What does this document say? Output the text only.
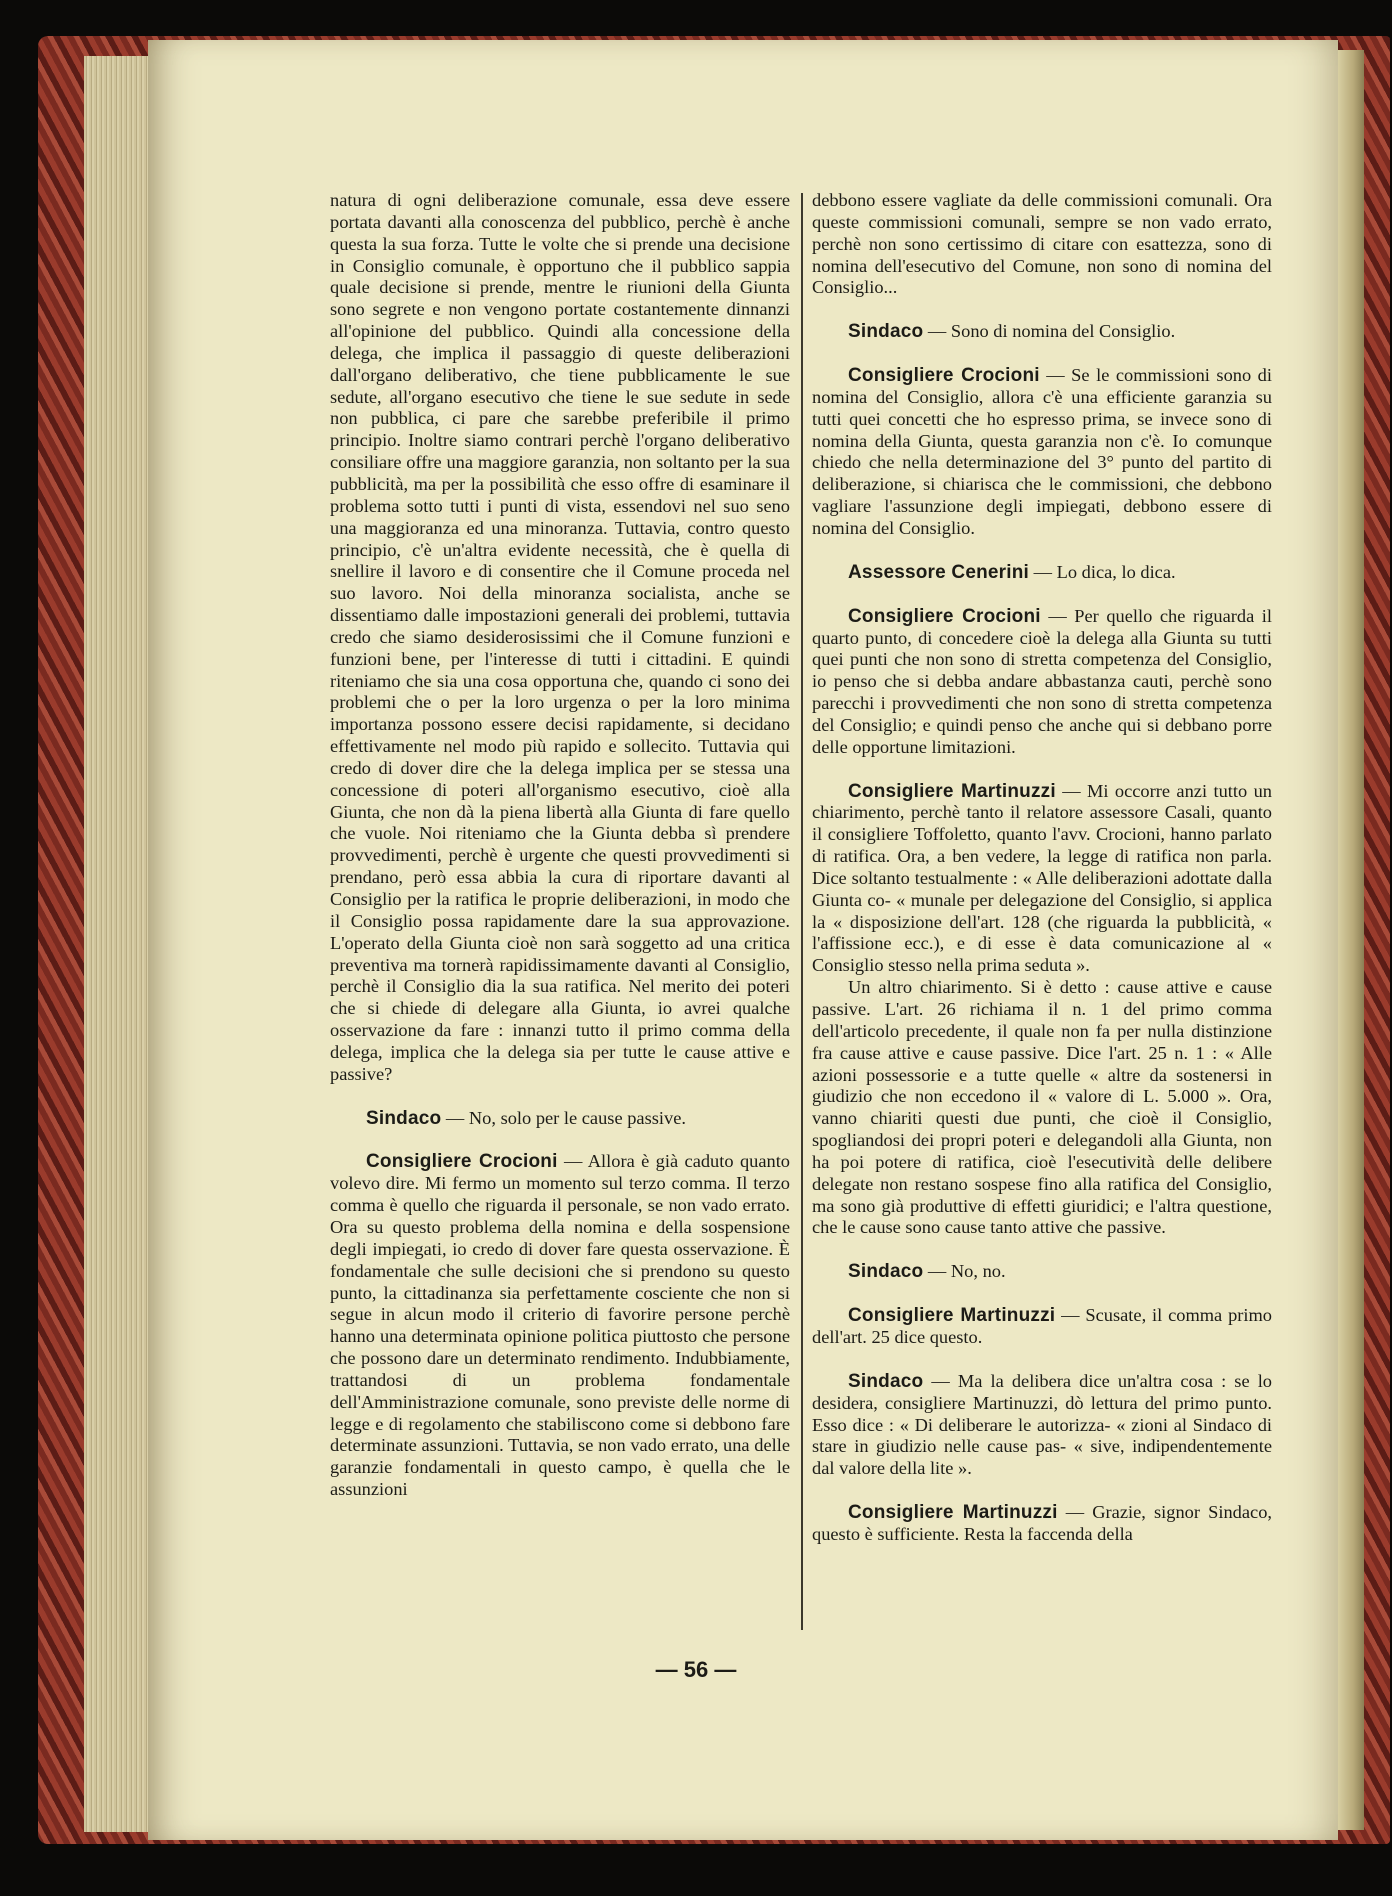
natura di ogni deliberazione comunale, essa deve essere portata davanti alla conoscenza del pubblico, perchè è anche questa la sua forza. Tutte le volte che si prende una decisione in Consiglio comunale, è opportuno che il pubblico sappia quale decisione si prende, mentre le riunioni della Giunta sono segrete e non vengono portate costantemente dinnanzi all'opinione del pubblico. Quindi alla concessione della delega, che implica il passaggio di queste deliberazioni dall'organo deliberativo, che tiene pubblicamente le sue sedute, all'organo esecutivo che tiene le sue sedute in sede non pubblica, ci pare che sarebbe preferibile il primo principio. Inoltre siamo contrari perchè l'organo deliberativo consiliare offre una maggiore garanzia, non soltanto per la sua pubblicità, ma per la possibilità che esso offre di esaminare il problema sotto tutti i punti di vista, essendovi nel suo seno una maggioranza ed una minoranza. Tuttavia, contro questo principio, c'è un'altra evidente necessità, che è quella di snellire il lavoro e di consentire che il Comune proceda nel suo lavoro. Noi della minoranza socialista, anche se dissentiamo dalle impostazioni generali dei problemi, tuttavia credo che siamo desiderosissimi che il Comune funzioni e funzioni bene, per l'interesse di tutti i cittadini. E quindi riteniamo che sia una cosa opportuna che, quando ci sono dei problemi che o per la loro urgenza o per la loro minima importanza possono essere decisi rapidamente, si decidano effettivamente nel modo più rapido e sollecito. Tuttavia qui credo di dover dire che la delega implica per se stessa una concessione di poteri all'organismo esecutivo, cioè alla Giunta, che non dà la piena libertà alla Giunta di fare quello che vuole. Noi riteniamo che la Giunta debba sì prendere provvedimenti, perchè è urgente che questi provvedimenti si prendano, però essa abbia la cura di riportare davanti al Consiglio per la ratifica le proprie deliberazioni, in modo che il Consiglio possa rapidamente dare la sua approvazione. L'operato della Giunta cioè non sarà soggetto ad una critica preventiva ma tornerà rapidissimamente davanti al Consiglio, perchè il Consiglio dia la sua ratifica. Nel merito dei poteri che si chiede di delegare alla Giunta, io avrei qualche osservazione da fare : innanzi tutto il primo comma della delega, implica che la delega sia per tutte le cause attive e passive?

Sindaco — No, solo per le cause passive.

Consigliere Crocioni — Allora è già caduto quanto volevo dire. Mi fermo un momento sul terzo comma. Il terzo comma è quello che riguarda il personale, se non vado errato. Ora su questo problema della nomina e della sospensione degli impiegati, io credo di dover fare questa osservazione. È fondamentale che sulle decisioni che si prendono su questo punto, la cittadinanza sia perfettamente cosciente che non si segue in alcun modo il criterio di favorire persone perchè hanno una determinata opinione politica piuttosto che persone che possono dare un determinato rendimento. Indubbiamente, trattandosi di un problema fondamentale dell'Amministrazione comunale, sono previste delle norme di legge e di regolamento che stabiliscono come si debbono fare determinate assunzioni. Tuttavia, se non vado errato, una delle garanzie fondamentali in questo campo, è quella che le assunzioni

debbono essere vagliate da delle commissioni comunali. Ora queste commissioni comunali, sempre se non vado errato, perchè non sono certissimo di citare con esattezza, sono di nomina dell'esecutivo del Comune, non sono di nomina del Consiglio...

Sindaco — Sono di nomina del Consiglio.

Consigliere Crocioni — Se le commissioni sono di nomina del Consiglio, allora c'è una efficiente garanzia su tutti quei concetti che ho espresso prima, se invece sono di nomina della Giunta, questa garanzia non c'è. Io comunque chiedo che nella determinazione del 3° punto del partito di deliberazione, si chiarisca che le commissioni, che debbono vagliare l'assunzione degli impiegati, debbono essere di nomina del Consiglio.

Assessore Cenerini — Lo dica, lo dica.

Consigliere Crocioni — Per quello che riguarda il quarto punto, di concedere cioè la delega alla Giunta su tutti quei punti che non sono di stretta competenza del Consiglio, io penso che si debba andare abbastanza cauti, perchè sono parecchi i provvedimenti che non sono di stretta competenza del Consiglio; e quindi penso che anche qui si debbano porre delle opportune limitazioni.

Consigliere Martinuzzi — Mi occorre anzi tutto un chiarimento, perchè tanto il relatore assessore Casali, quanto il consigliere Toffoletto, quanto l'avv. Crocioni, hanno parlato di ratifica. Ora, a ben vedere, la legge di ratifica non parla. Dice soltanto testualmente : « Alle deliberazioni adottate dalla Giunta co- « munale per delegazione del Consiglio, si applica la « disposizione dell'art. 128 (che riguarda la pubblicità, « l'affissione ecc.), e di esse è data comunicazione al « Consiglio stesso nella prima seduta ».

Un altro chiarimento. Si è detto : cause attive e cause passive. L'art. 26 richiama il n. 1 del primo comma dell'articolo precedente, il quale non fa per nulla distinzione fra cause attive e cause passive. Dice l'art. 25 n. 1 : « Alle azioni possessorie e a tutte quelle « altre da sostenersi in giudizio che non eccedono il « valore di L. 5.000 ». Ora, vanno chiariti questi due punti, che cioè il Consiglio, spogliandosi dei propri poteri e delegandoli alla Giunta, non ha poi potere di ratifica, cioè l'esecutività delle delibere delegate non restano sospese fino alla ratifica del Consiglio, ma sono già produttive di effetti giuridici; e l'altra questione, che le cause sono cause tanto attive che passive.

Sindaco — No, no.

Consigliere Martinuzzi — Scusate, il comma primo dell'art. 25 dice questo.

Sindaco — Ma la delibera dice un'altra cosa : se lo desidera, consigliere Martinuzzi, dò lettura del primo punto. Esso dice : « Di deliberare le autorizza- « zioni al Sindaco di stare in giudizio nelle cause pas- « sive, indipendentemente dal valore della lite ».

Consigliere Martinuzzi — Grazie, signor Sindaco, questo è sufficiente. Resta la faccenda della

— 56 —
